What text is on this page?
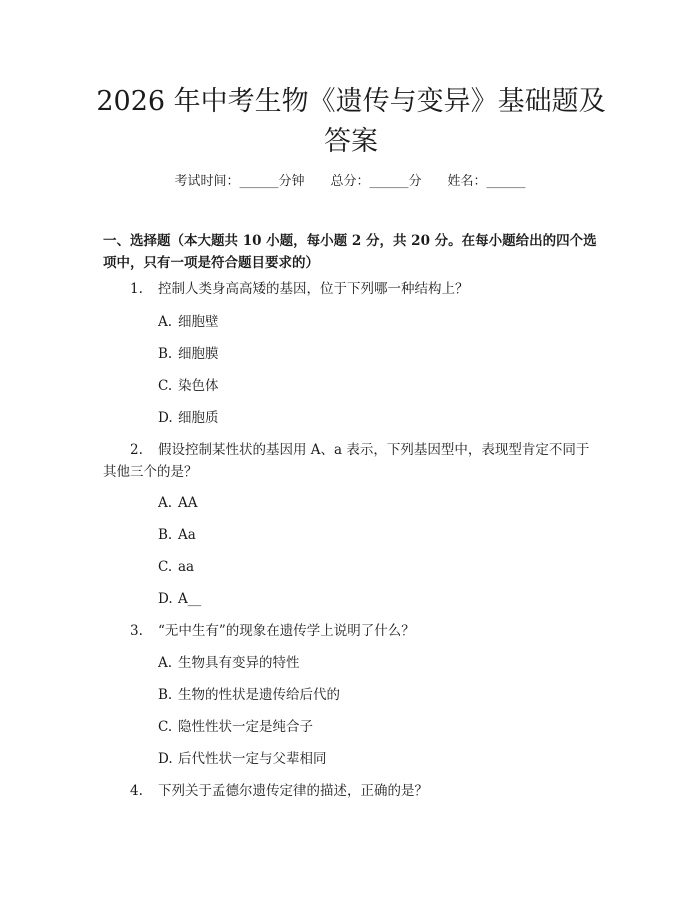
2026 年中考生物《遗传与变异》基础题及答案
考试时间：______分钟 总分：______分 姓名：______
一、选择题（本大题共 10 小题，每小题 2 分，共 20 分。在每小题给出的四个选项中，只有一项是符合题目要求的）
1. 控制人类身高高矮的基因，位于下列哪一种结构上？
A. 细胞壁
B. 细胞膜
C. 染色体
D. 细胞质
2. 假设控制某性状的基因用 A、a 表示，下列基因型中，表现型肯定不同于其他三个的是？
A. AA
B. Aa
C. aa
D. A__
3. “无中生有”的现象在遗传学上说明了什么？
A. 生物具有变异的特性
B. 生物的性状是遗传给后代的
C. 隐性性状一定是纯合子
D. 后代性状一定与父辈相同
4. 下列关于孟德尔遗传定律的描述，正确的是？
